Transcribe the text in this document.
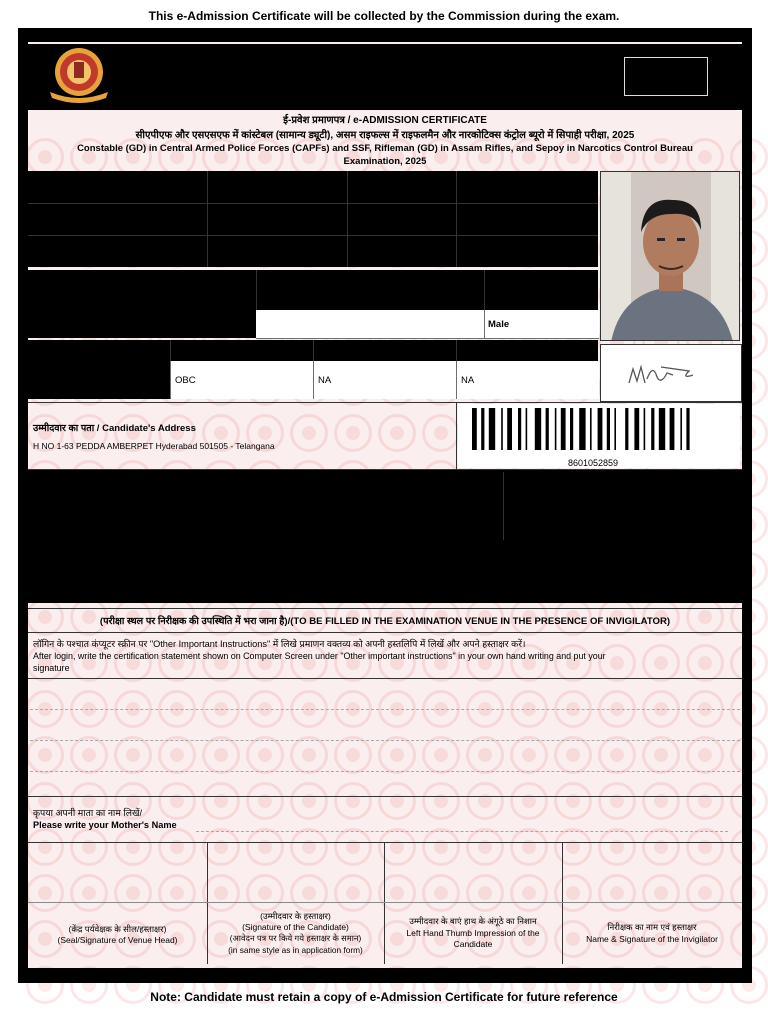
This e-Admission Certificate will be collected by the Commission during the exam.
ई-प्रवेश प्रमाणपत्र / e-ADMISSION CERTIFICATE
सीएपीएफ और एसएसएफ में कांस्टेबल (सामान्य ड्यूटी), असम राइफल्स में राइफलमैन और नारकोटिक्स कंट्रोल ब्यूरो में सिपाही परीक्षा, 2025
Constable (GD) in Central Armed Police Forces (CAPFs) and SSF, Rifleman (GD) in Assam Rifles, and Sepoy in Narcotics Control Bureau
Examination, 2025
Male
OBC	NA	NA
उम्मीदवार का पता / Candidate's Address
H NO 1-63 PEDDA AMBERPET Hyderabad 501505 - Telangana
8601052859
(परीक्षा स्थल पर निरीक्षक की उपस्थिति में भरा जाना है)/(TO BE FILLED IN THE EXAMINATION VENUE IN THE PRESENCE OF INVIGILATOR)
लॉगिन के पश्चात कंप्यूटर स्क्रीन पर "Other Important Instructions" में लिखे प्रमाणन वक्तव्य को अपनी हस्तलिपि में लिखें और अपने हस्ताक्षर करें।
After login, write the certification statement shown on Computer Screen under "Other important instructions" in your own hand writing and put your
signature
कृपया अपनी माता का नाम लिखें/
Please write your Mother's Name
(केंद्र पर्यवेक्षक के सील/हस्ताक्षर)
(Seal/Signature of Venue Head)
(उम्मीदवार के हस्ताक्षर)
(Signature of the Candidate)
(आवेदन पत्र पर किये गये हस्ताक्षर के समान)
(in same style as in application form)
उम्मीदवार के बाएं हाथ के अंगूठे का निशान
Left Hand Thumb Impression of the
Candidate
निरीक्षक का नाम एवं हस्ताक्षर
Name & Signature of the Invigilator
Note: Candidate must retain a copy of e-Admission Certificate for future reference
